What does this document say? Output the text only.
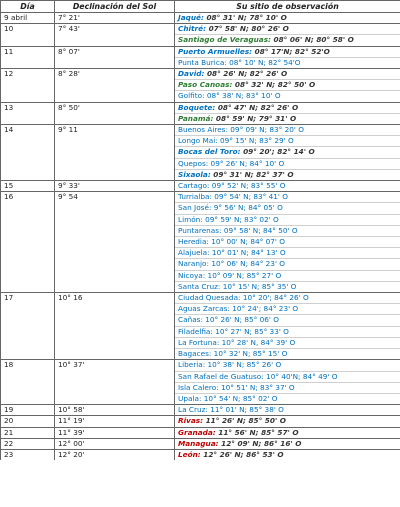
Día	Declinación del Sol	Su sitio de observación
9 abril	7° 21'	Jaqué: 08° 31' N; 78° 10' O
10	7° 43'	Chitré: 07° 58' N; 80° 26' O
		Santiago de Veraguas: 08° 06' N; 80° 58' O
11	8° 07'	Puerto Armuelles: 08° 17'N; 82° 52'O
		Punta Burica: 08° 10' N; 82° 54'O
12	8° 28'	David: 08° 26' N; 82° 26' O
		Paso Canoas: 08° 32' N; 82° 50' O
		Golfito: 08° 38' N; 83° 10' O
13	8° 50'	Boquete: 08° 47' N; 82° 26' O
		Panamá: 08° 59' N; 79° 31' O
14	9° 11	Buenos Aires: 09° 09' N; 83° 20' O
		Longo Mai: 09° 15' N; 83° 29' O
		Bocas del Toro: 09° 20'; 82° 14' O
		Quepos: 09° 26' N; 84° 10' O
		Sixaola: 09° 31' N; 82° 37' O
15	9° 33'	Cartago: 09° 52' N; 83° 55' O
16	9° 54	Turrialba: 09° 54' N; 83° 41' O
		San José: 9° 56' N; 84° 05' O
		Limón: 09° 59' N; 83° 02' O
		Puntarenas: 09° 58' N; 84° 50' O
		Heredia: 10° 00' N; 84° 07' O
		Alajuela: 10° 01' N; 84° 13' O
		Naranjo: 10° 06' N; 84° 23' O
		Nicoya: 10° 09' N; 85° 27' O
		Santa Cruz: 10° 15' N; 85° 35' O
17	10° 16	Ciudad Quesada: 10° 20'; 84° 26' O
		Aguas Zarcas: 10° 24'; 84° 23' O
		Cañas: 10° 26' N; 85° 06' O
		Filadelfia: 10° 27' N; 85° 33' O
		La Fortuna: 10° 28' N, 84° 39' O
		Bagaces: 10° 32' N; 85° 15' O
18	10° 37'	Liberia: 10° 38' N; 85° 26' O
		San Rafael de Guatuso: 10° 40'N; 84° 49' O
		Isla Calero: 10° 51' N; 83° 37' O
		Upala: 10° 54' N; 85° 02' O
19	10° 58'	La Cruz: 11° 01' N; 85° 38' O
20	11° 19'	Rivas: 11° 26' N; 85° 50' O
21	11° 39'	Granada: 11° 56' N; 85° 57' O
22	12° 00'	Managua: 12° 09' N; 86° 16' O
23	12° 20'	León: 12° 26' N; 86° 53' O
